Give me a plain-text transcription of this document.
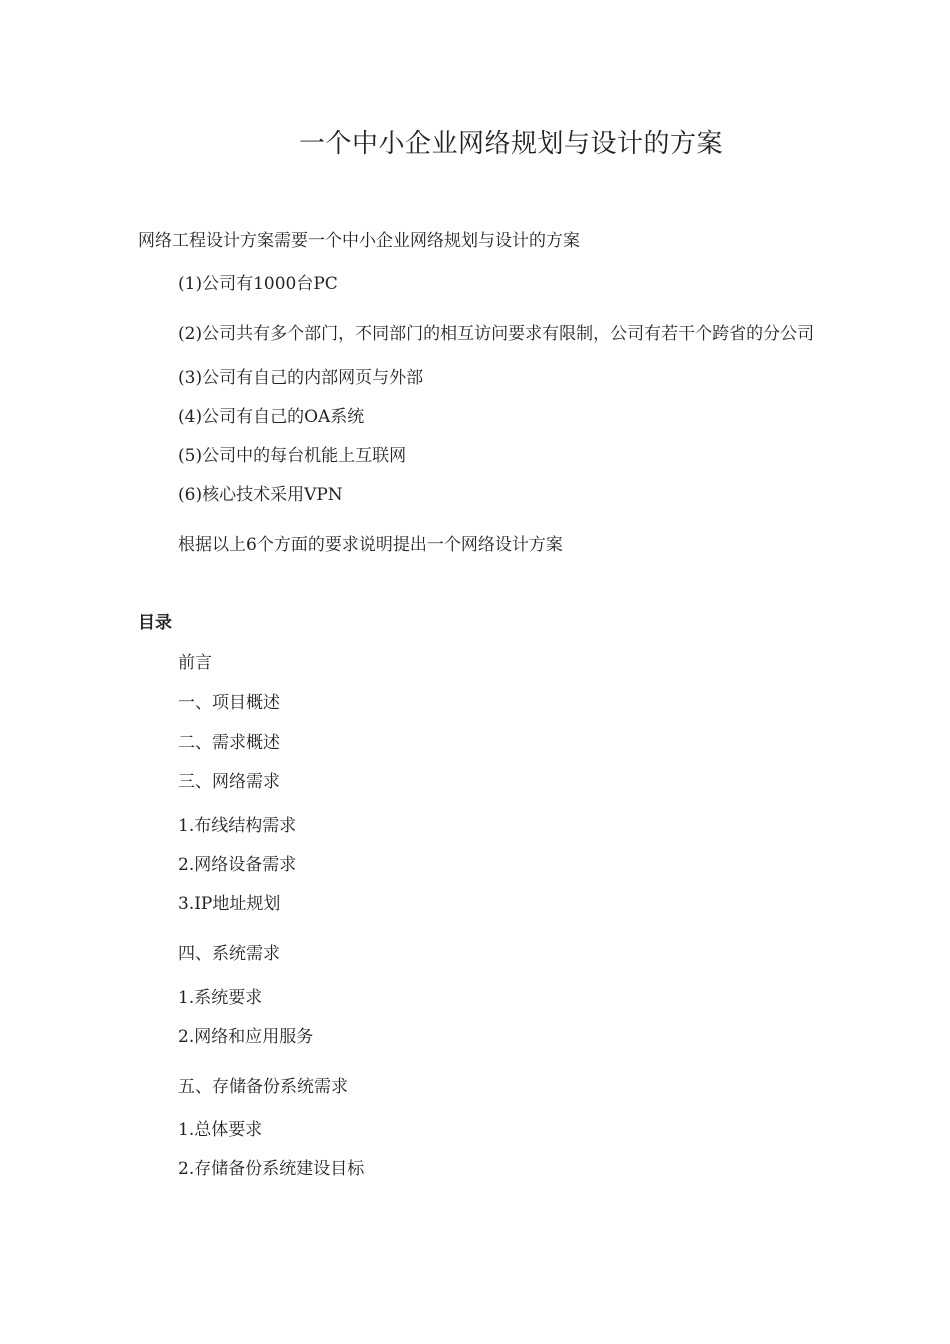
一个中小企业网络规划与设计的方案
网络工程设计方案需要一个中小企业网络规划与设计的方案
(1)公司有1000台PC
(2)公司共有多个部门，不同部门的相互访问要求有限制，公司有若干个跨省的分公司
(3)公司有自己的内部网页与外部
(4)公司有自己的OA系统
(5)公司中的每台机能上互联网
(6)核心技术采用VPN
根据以上6个方面的要求说明提出一个网络设计方案
目录
前言
一、项目概述
二、需求概述
三、网络需求
1.布线结构需求
2.网络设备需求
3.IP地址规划
四、系统需求
1.系统要求
2.网络和应用服务
五、存储备份系统需求
1.总体要求
2.存储备份系统建设目标
